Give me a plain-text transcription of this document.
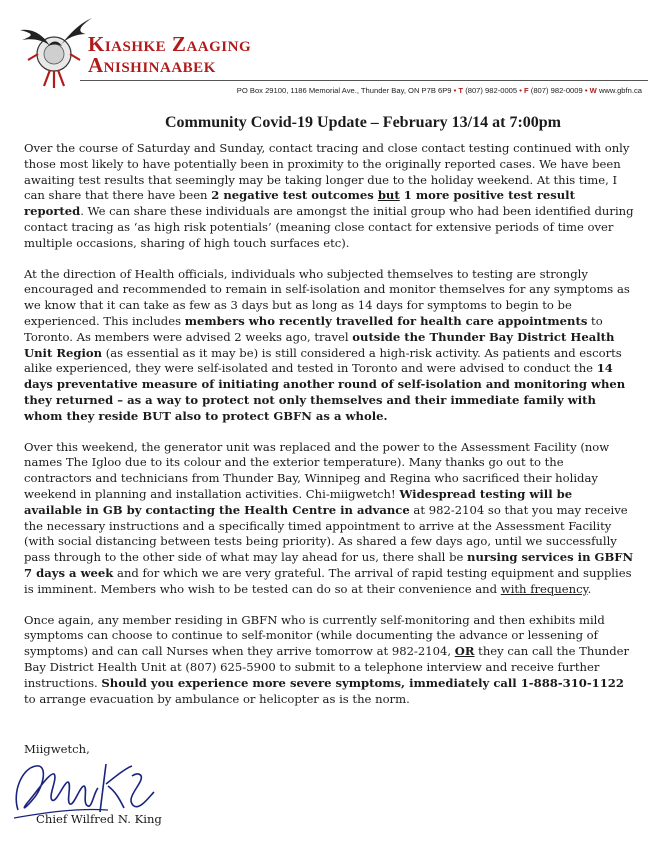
Kiashke Zaaging
Anishinaabek
PO Box 29100, 1186 Memorial Ave., Thunder Bay, ON P7B 6P9 • T (807) 982-0005 • F (807) 982-0009 • W www.gbfn.ca
Community Covid-19 Update – February 13/14 at 7:00pm

Over the course of Saturday and Sunday, contact tracing and close contact testing continued with only those most likely to have potentially been in proximity to the originally reported cases. We have been awaiting test results that seemingly may be taking longer due to the holiday weekend. At this time, I can share that there have been 2 negative test outcomes but 1 more positive test result reported. We can share these individuals are amongst the initial group who had been identified during contact tracing as ‘as high risk potentials’ (meaning close contact for extensive periods of time over multiple occasions, sharing of high touch surfaces etc).

At the direction of Health officials, individuals who subjected themselves to testing are strongly encouraged and recommended to remain in self-isolation and monitor themselves for any symptoms as we know that it can take as few as 3 days but as long as 14 days for symptoms to begin to be experienced. This includes members who recently travelled for health care appointments to Toronto. As members were advised 2 weeks ago, travel outside the Thunder Bay District Health Unit Region (as essential as it may be) is still considered a high-risk activity. As patients and escorts alike experienced, they were self-isolated and tested in Toronto and were advised to conduct the 14 days preventative measure of initiating another round of self-isolation and monitoring when they returned – as a way to protect not only themselves and their immediate family with whom they reside BUT also to protect GBFN as a whole.

Over this weekend, the generator unit was replaced and the power to the Assessment Facility (now names The Igloo due to its colour and the exterior temperature). Many thanks go out to the contractors and technicians from Thunder Bay, Winnipeg and Regina who sacrificed their holiday weekend in planning and installation activities. Chi-miigwetch! Widespread testing will be available in GB by contacting the Health Centre in advance at 982-2104 so that you may receive the necessary instructions and a specifically timed appointment to arrive at the Assessment Facility (with social distancing between tests being priority). As shared a few days ago, until we successfully pass through to the other side of what may lay ahead for us, there shall be nursing services in GBFN 7 days a week and for which we are very grateful. The arrival of rapid testing equipment and supplies is imminent. Members who wish to be tested can do so at their convenience and with frequency.

Once again, any member residing in GBFN who is currently self-monitoring and then exhibits mild symptoms can choose to continue to self-monitor (while documenting the advance or lessening of symptoms) and can call Nurses when they arrive tomorrow at 982-2104, OR they can call the Thunder Bay District Health Unit at (807) 625-5900 to submit to a telephone interview and receive further instructions. Should you experience more severe symptoms, immediately call 1-888-310-1122 to arrange evacuation by ambulance or helicopter as is the norm.

Miigwetch,
Chief Wilfred N. King
